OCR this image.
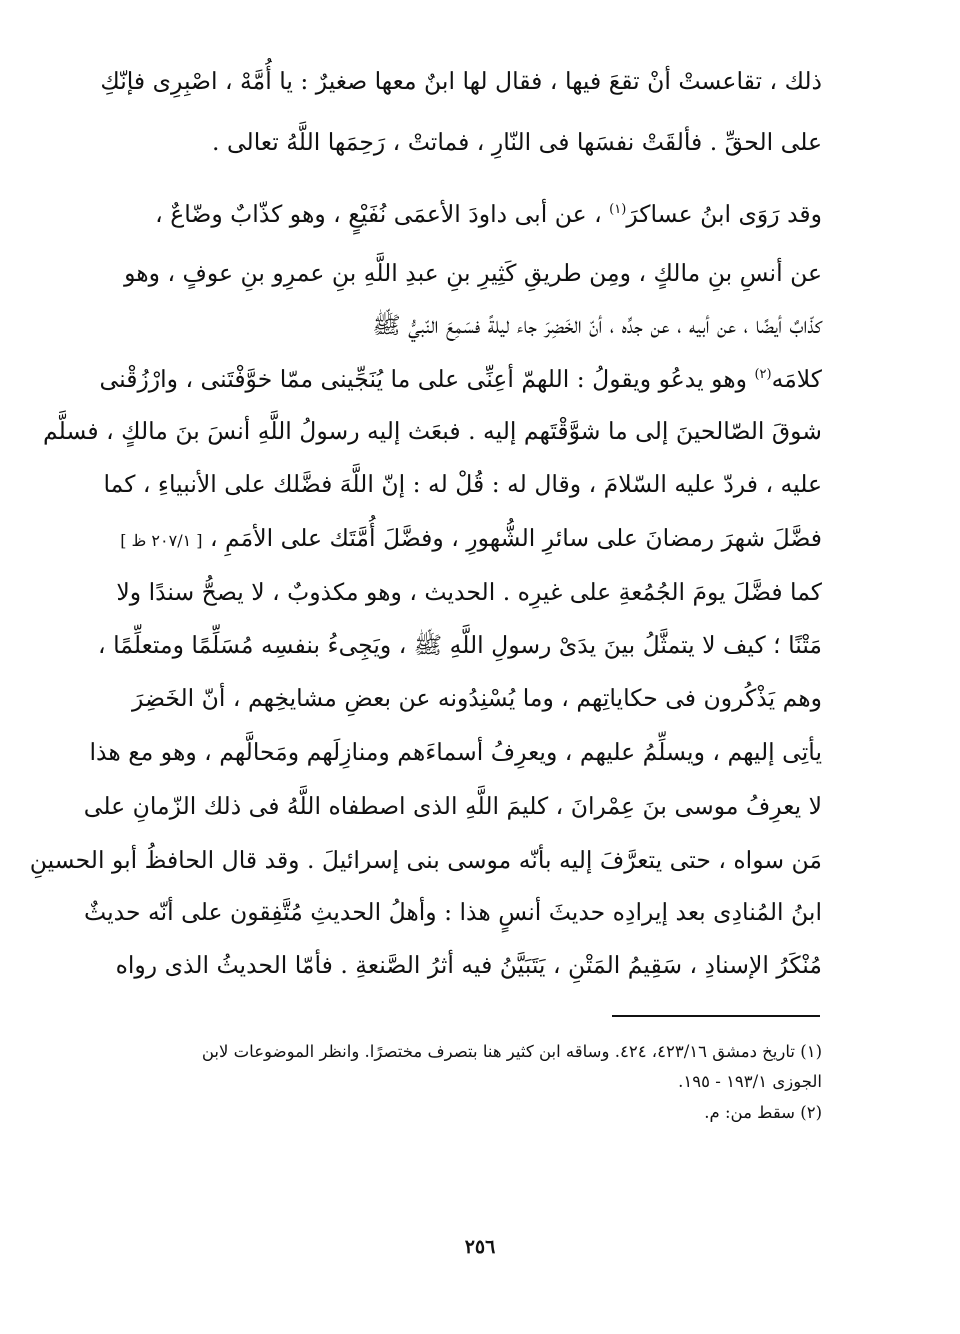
ذلك ، تقاعستْ أنْ تقعَ فيها ، فقال لها ابنٌ معها صغيرٌ : يا أُمَّهْ ، اصْبِرِى فإنّكِ
على الحقِّ . فألقَتْ نفسَها فى النّارِ ، فماتتْ ، رَحِمَها اللَّهُ تعالى .
وقد رَوَى ابنُ عساكرَ$^{(١)}$ ، عن أبى داودَ الأعمَى نُفَيْعٍ ، وهو كذّابٌ وضّاعٌ ،
عن أنسِ بنِ مالكٍ ، ومِن طريقِ كَثِيرِ بنِ عبدِ اللَّهِ بنِ عمرِو بنِ عوفٍ ، وهو
كذّابٌ أيضًا ، عن أبيه ، عن جدِّه ، أنّ الخَضِرَ جاء ليلةً فسَمِعَ النّبيُّ ﷺ
كلامَه$^{(٢)}$ وهو يدعُو ويقولُ : اللهمّ أعِنِّى على ما يُنَجِّينى ممّا خوَّفْتَنى ، وارْزُقْنى
شوقَ الصّالحينَ إلى ما شوَّقْتَهم إليه . فبعَث إليه رسولُ اللَّهِ أنسَ بنَ مالكٍ ، فسلَّم
عليه ، فردّ عليه السّلامَ ، وقال له : قُلْ له : إنّ اللَّهَ فضَّلك على الأنبياءِ ، كما
فضَّلَ شهرَ رمضانَ على سائرِ الشُّهورِ ، وفضَّلَ أُمَّتَك على الأمَمِ ، [ ٢٠٧/١ ظ ]
كما فضَّلَ يومَ الجُمُعةِ على غيرِه . الحديث ، وهو مكذوبٌ ، لا يصحُّ سندًا ولا
مَتْنًا ؛ كيف لا يتمثَّلُ بينَ يدَىْ رسولِ اللَّهِ ﷺ ، ويَجِىءُ بنفسِه مُسَلِّمًا ومتعلِّمًا ،
وهم يَذْكُرون فى حكاياتِهم ، وما يُسْنِدُونه عن بعضِ مشايخِهم ، أنّ الخَضِرَ
يأتِى إليهم ، ويسلِّمُ عليهم ، ويعرِفُ أسماءَهم ومنازِلَهم ومَحالَّهم ، وهو مع هذا
لا يعرِفُ موسى بنَ عِمْرانَ ، كليمَ اللَّهِ الذى اصطفاه اللَّهُ فى ذلك الزّمانِ على
مَن سواه ، حتى يتعرَّفَ إليه بأنّه موسى بنى إسرائيلَ . وقد قال الحافظُ أبو الحسينِ
ابنُ المُنادِى بعد إيرادِه حديثَ أنسٍ هذا : وأهلُ الحديثِ مُتَّفِقون على أنّه حديثٌ
مُنْكَرُ الإسنادِ ، سَقِيمُ المَتْنِ ، يَتَبَيَّنُ فيه أثرُ الصَّنعةِ . فأمّا الحديثُ الذى رواه
(١) تاريخ دمشق ٤٢٣/١٦، ٤٢٤. وساقه ابن كثير هنا بتصرف مختصرًا. وانظر الموضوعات لابن
الجوزى ١٩٣/١ - ١٩٥.
(٢) سقط من: م.
٢٥٦
